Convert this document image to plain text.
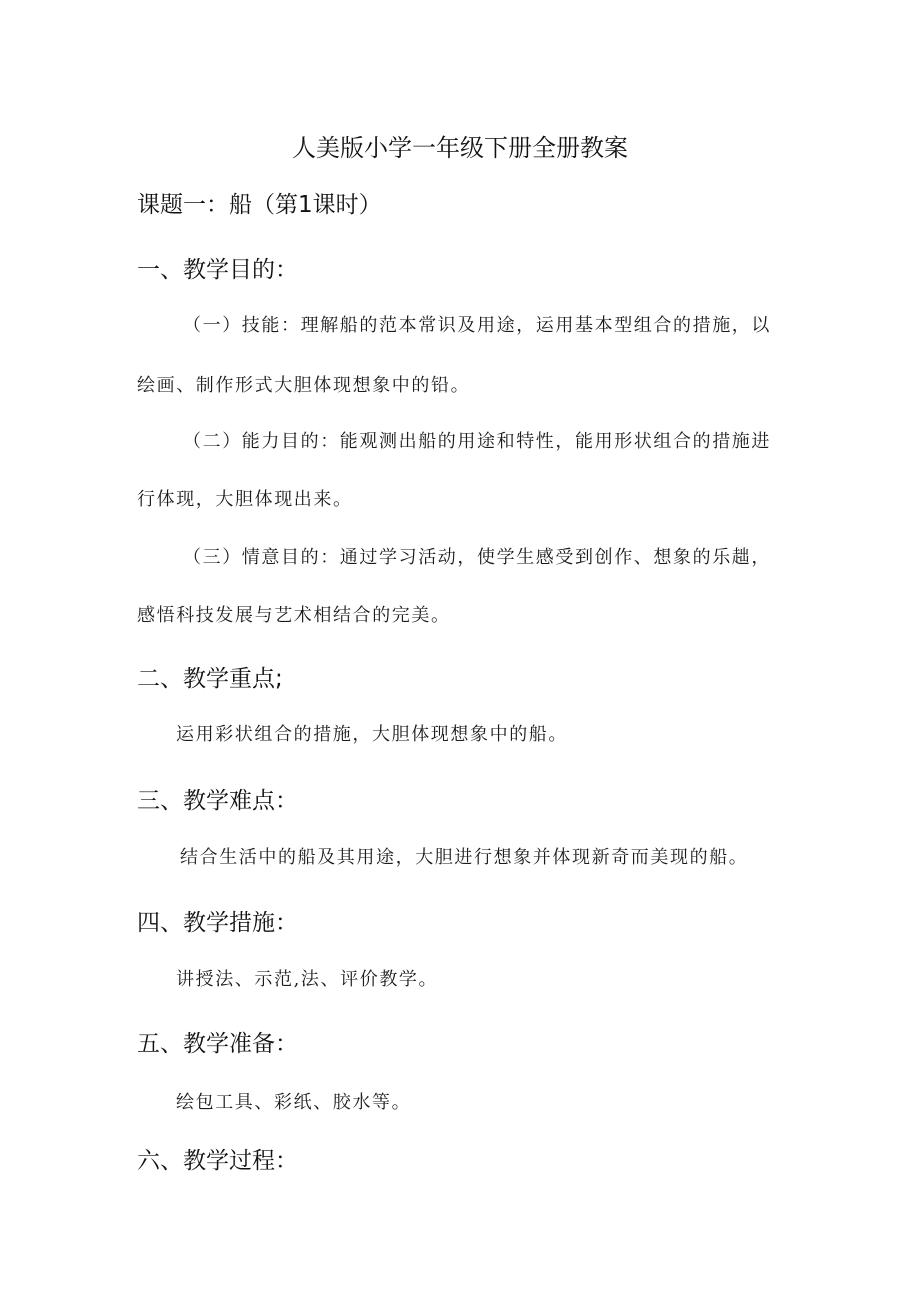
人美版小学一年级下册全册教案
课题一：船（第1课时）
一、教学目的：
（一）技能：理解船的范本常识及用途，运用基本型组合的措施，以
绘画、制作形式大胆体现想象中的铅。
（二）能力目的：能观测出船的用途和特性，能用形状组合的措施进
行体现，大胆体现出来。
（三）情意目的：通过学习活动，使学生感受到创作、想象的乐趉，
感悟科技发展与艺术相结合的完美。
二、教学重点;
运用彩状组合的措施，大胆体现想象中的船。
三、教学难点：
结合生活中的船及其用途，大胆进行想象并体现新奇而美现的船。
四、教学措施：
讲授法、示范,法、评价教学。
五、教学准备：
绘包工具、彩纸、胶水等。
六、教学过程：
